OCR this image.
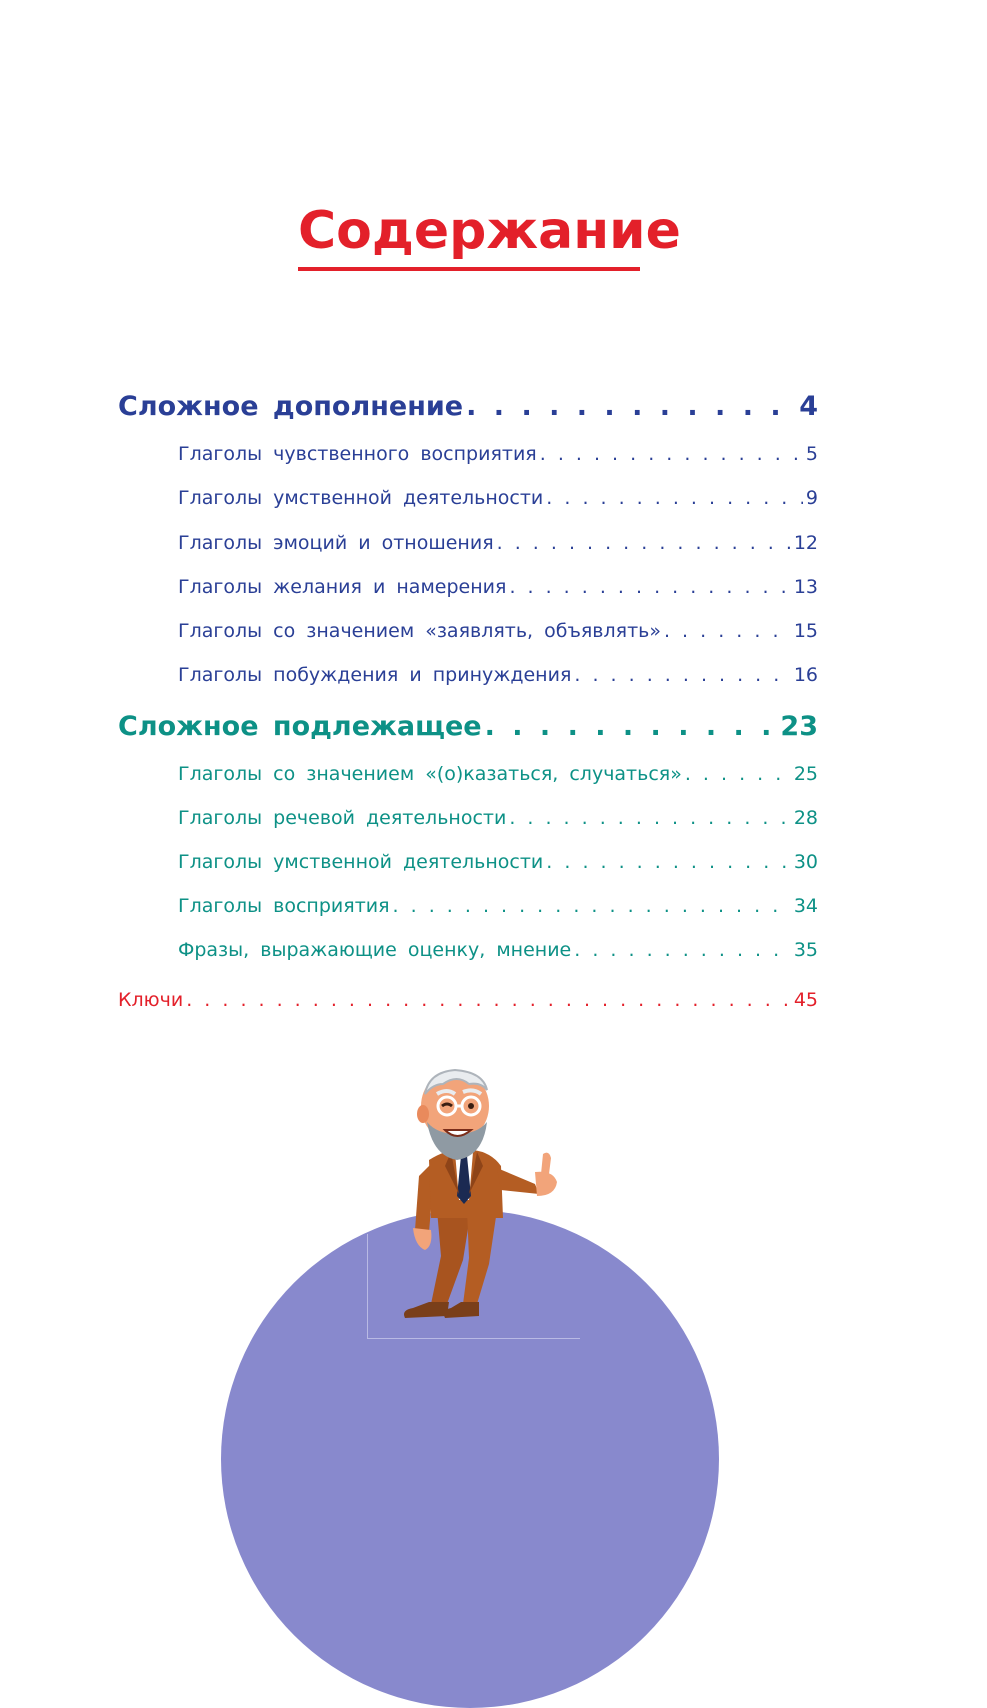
Содержание
Сложное дополнение . . .	4
Глаголы чувственного восприятия . . .	5
Глаголы умственной деятельности . . .	9
Глаголы эмоций и отношения . . .	12
Глаголы желания и намерения . . .	13
Глаголы со значением «заявлять, объявлять» . . .	15
Глаголы побуждения и принуждения . . .	16
Сложное подлежащее . . .	23
Глаголы со значением «(о)казаться, случаться» . . .	25
Глаголы речевой деятельности . . .	28
Глаголы умственной деятельности . . .	30
Глаголы восприятия . . .	34
Фразы, выражающие оценку, мнение . . .	35
Ключи . . .	45
